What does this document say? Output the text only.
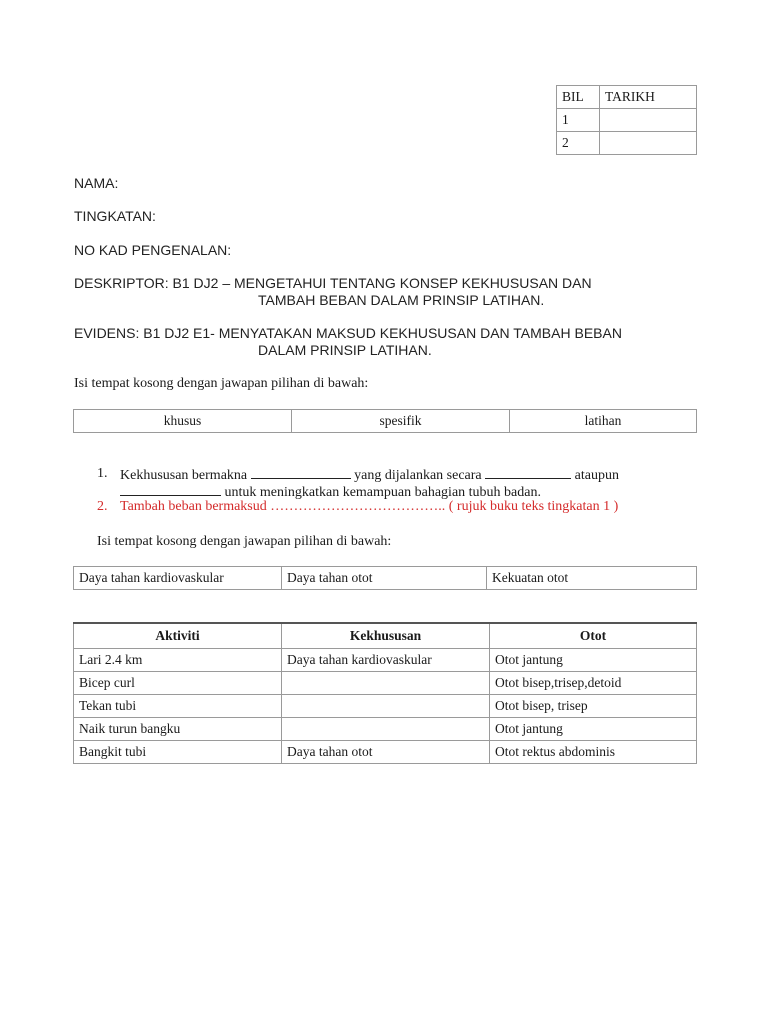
BIL	TARIKH
1	
2	
NAMA:
TINGKATAN:
NO KAD PENGENALAN:
DESKRIPTOR: B1 DJ2 – MENGETAHUI TENTANG KONSEP KEKHUSUSAN DAN
TAMBAH BEBAN DALAM PRINSIP LATIHAN.
EVIDENS: B1 DJ2 E1- MENYATAKAN MAKSUD KEKHUSUSAN DAN TAMBAH BEBAN
DALAM PRINSIP LATIHAN.
Isi tempat kosong dengan jawapan pilihan di bawah:
khusus	spesifik	latihan
1. Kekhususan bermakna	yang dijalankan secara	ataupun
untuk meningkatkan kemampuan bahagian tubuh badan.
2. Tambah beban bermaksud ……………………………….. ( rujuk buku teks tingkatan 1 )
Isi tempat kosong dengan jawapan pilihan di bawah:
Daya tahan kardiovaskular	Daya tahan otot	Kekuatan otot
Aktiviti	Kekhususan	Otot
Lari 2.4 km	Daya tahan kardiovaskular	Otot jantung
Bicep curl		Otot bisep,trisep,detoid
Tekan tubi		Otot bisep, trisep
Naik turun bangku		Otot jantung
Bangkit tubi	Daya tahan otot	Otot rektus abdominis
